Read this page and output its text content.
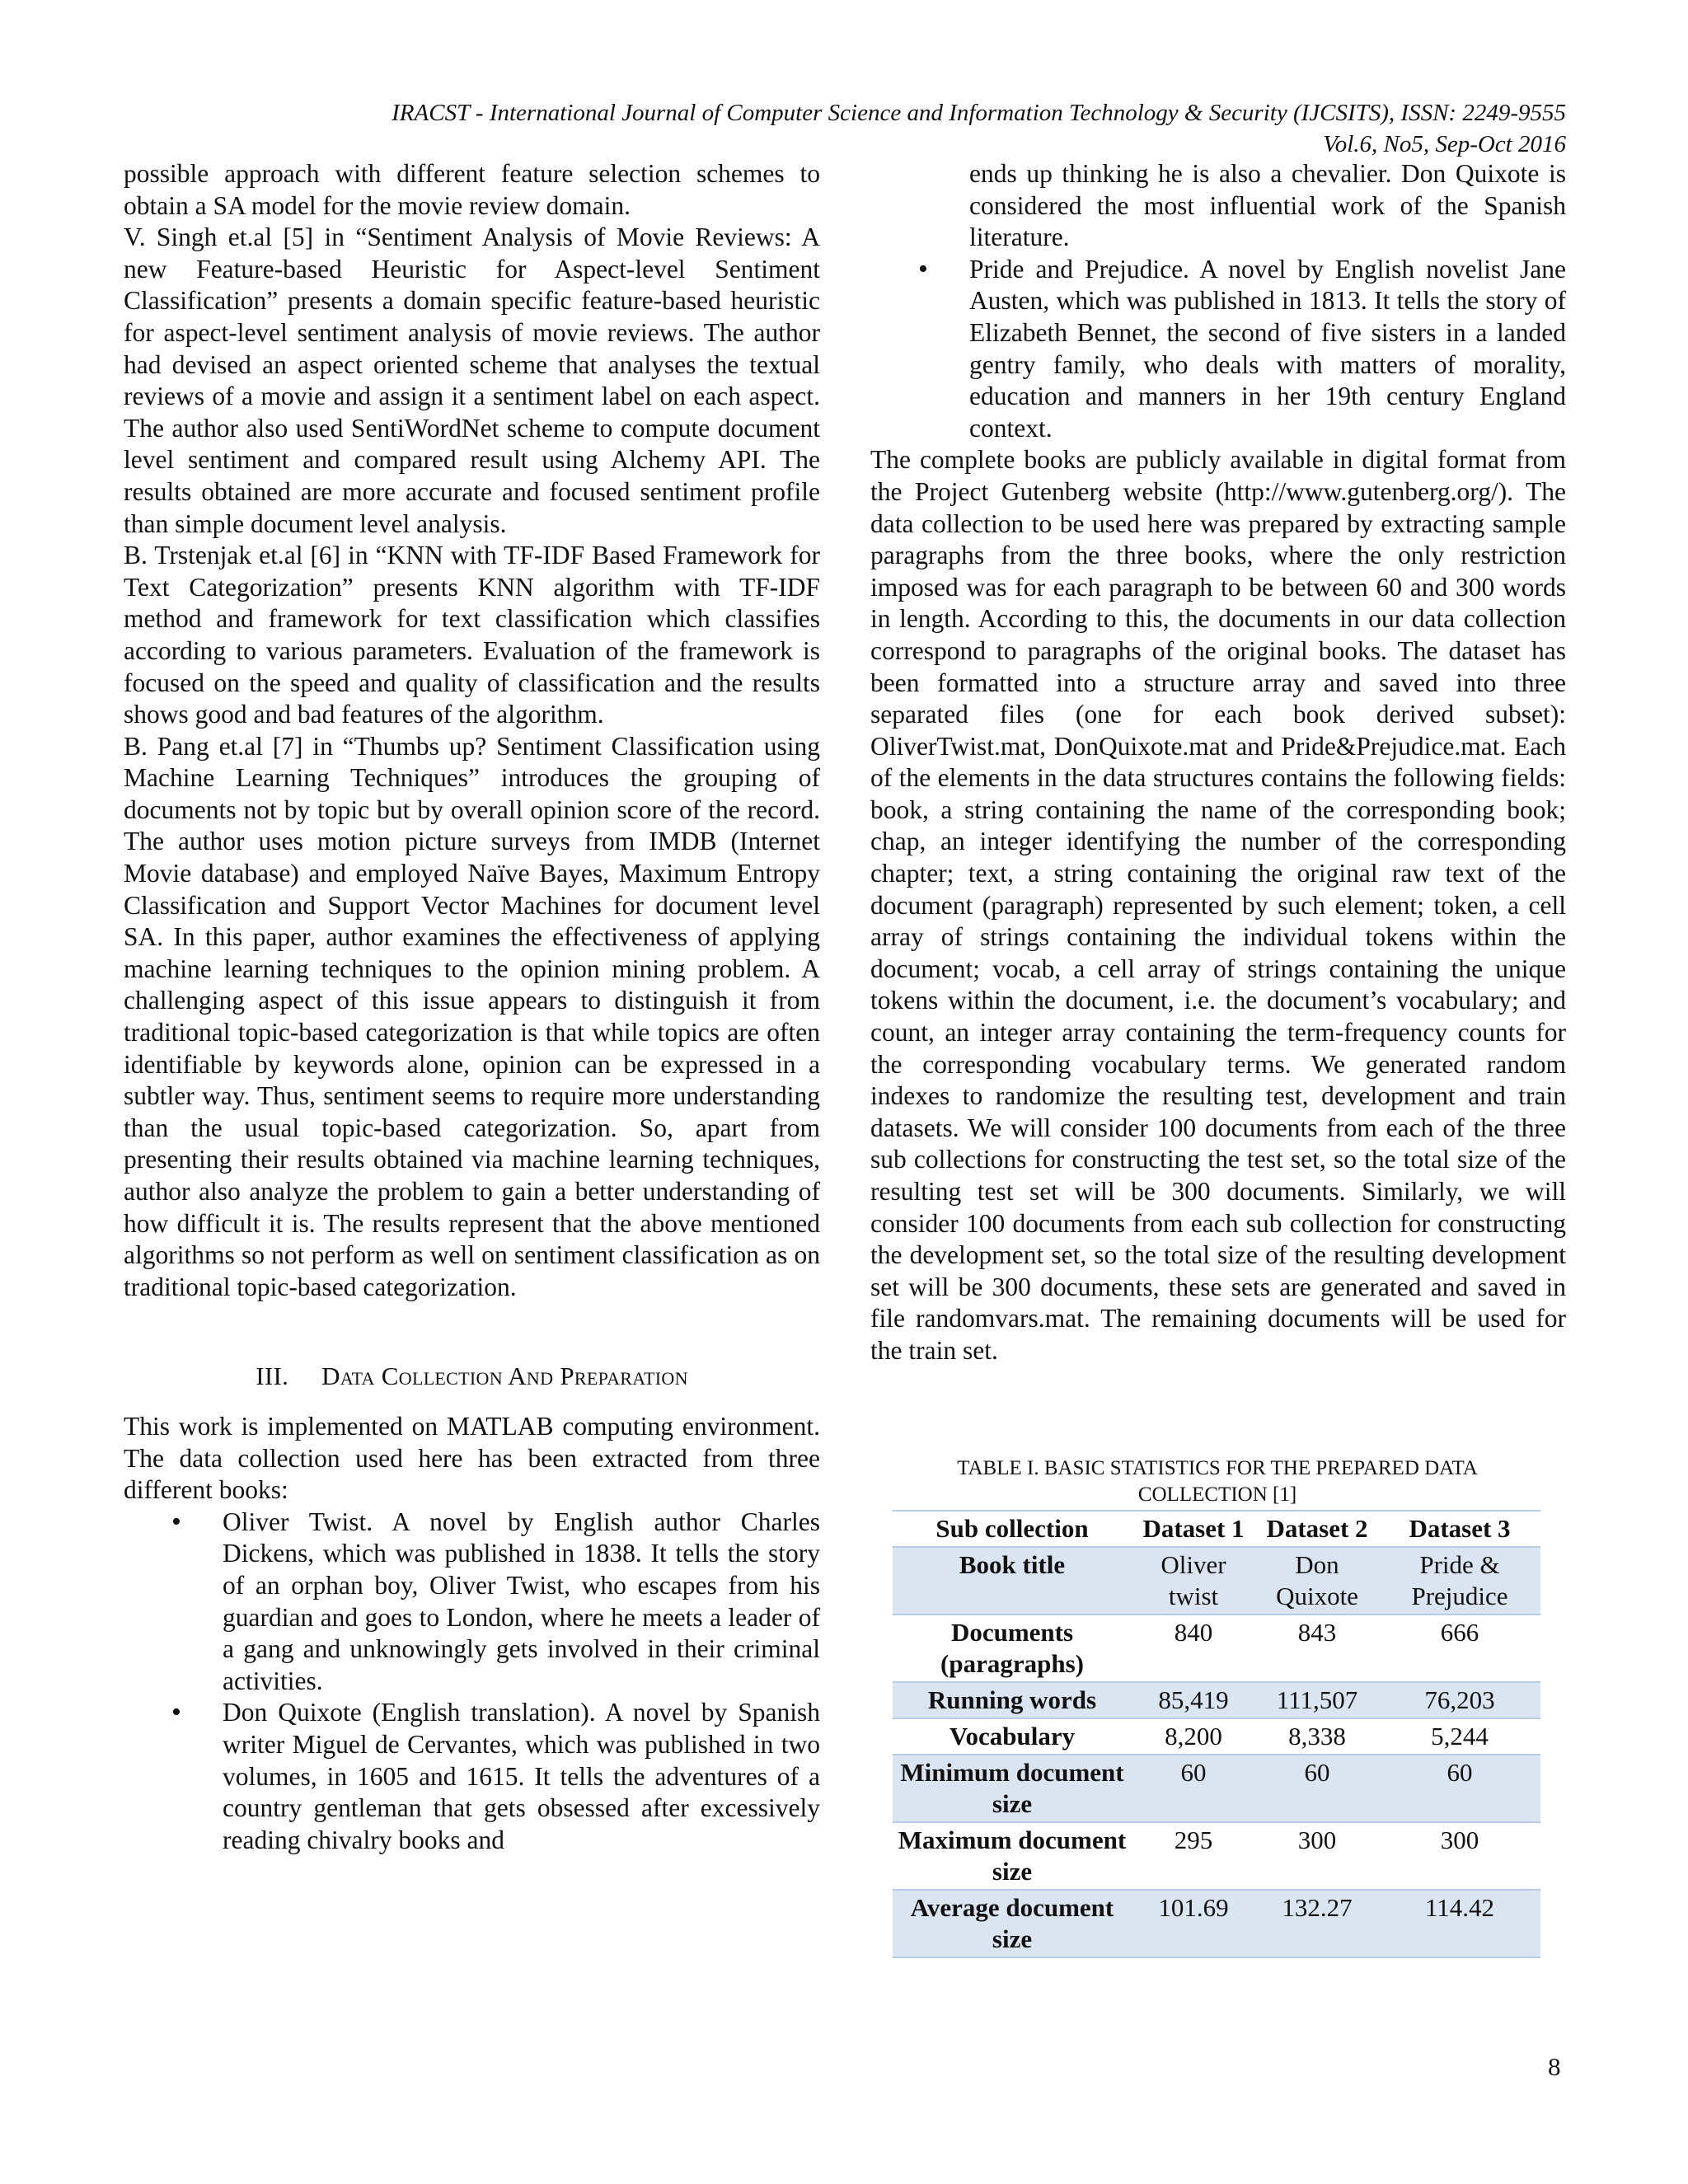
IRACST - International Journal of Computer Science and Information Technology & Security (IJCSITS), ISSN: 2249-9555
Vol.6, No5, Sep-Oct 2016

possible approach with different feature selection schemes to obtain a SA model for the movie review domain.

V. Singh et.al [5] in “Sentiment Analysis of Movie Reviews: A new Feature-based Heuristic for Aspect-level Sentiment Classification” presents a domain specific feature-based heuristic for aspect-level sentiment analysis of movie reviews. The author had devised an aspect oriented scheme that analyses the textual reviews of a movie and assign it a sentiment label on each aspect. The author also used SentiWordNet scheme to compute document level sentiment and compared result using Alchemy API. The results obtained are more accurate and focused sentiment profile than simple document level analysis.

B. Trstenjak et.al [6] in “KNN with TF-IDF Based Framework for Text Categorization” presents KNN algorithm with TF-IDF method and framework for text classification which classifies according to various parameters. Evaluation of the framework is focused on the speed and quality of classification and the results shows good and bad features of the algorithm.

B. Pang et.al [7] in “Thumbs up? Sentiment Classification using Machine Learning Techniques” introduces the grouping of documents not by topic but by overall opinion score of the record. The author uses motion picture surveys from IMDB (Internet Movie database) and employed Naïve Bayes, Maximum Entropy Classification and Support Vector Machines for document level SA. In this paper, author examines the effectiveness of applying machine learning techniques to the opinion mining problem. A challenging aspect of this issue appears to distinguish it from traditional topic-based categorization is that while topics are often identifiable by keywords alone, opinion can be expressed in a subtler way. Thus, sentiment seems to require more understanding than the usual topic-based categorization. So, apart from presenting their results obtained via machine learning techniques, author also analyze the problem to gain a better understanding of how difficult it is. The results represent that the above mentioned algorithms so not perform as well on sentiment classification as on traditional topic-based categorization.

III. Data Collection And Preparation

This work is implemented on MATLAB computing environment. The data collection used here has been extracted from three different books:

• Oliver Twist. A novel by English author Charles Dickens, which was published in 1838. It tells the story of an orphan boy, Oliver Twist, who escapes from his guardian and goes to London, where he meets a leader of a gang and unknowingly gets involved in their criminal activities.
• Don Quixote (English translation). A novel by Spanish writer Miguel de Cervantes, which was published in two volumes, in 1605 and 1615. It tells the adventures of a country gentleman that gets obsessed after excessively reading chivalry books and

ends up thinking he is also a chevalier. Don Quixote is considered the most influential work of the Spanish literature.

• Pride and Prejudice. A novel by English novelist Jane Austen, which was published in 1813. It tells the story of Elizabeth Bennet, the second of five sisters in a landed gentry family, who deals with matters of morality, education and manners in her 19th century England context.

The complete books are publicly available in digital format from the Project Gutenberg website (http://www.gutenberg.org/). The data collection to be used here was prepared by extracting sample paragraphs from the three books, where the only restriction imposed was for each paragraph to be between 60 and 300 words in length. According to this, the documents in our data collection correspond to paragraphs of the original books. The dataset has been formatted into a structure array and saved into three separated files (one for each book derived subset): OliverTwist.mat, DonQuixote.mat and Pride&Prejudice.mat. Each of the elements in the data structures contains the following fields: book, a string containing the name of the corresponding book; chap, an integer identifying the number of the corresponding chapter; text, a string containing the original raw text of the document (paragraph) represented by such element; token, a cell array of strings containing the individual tokens within the document; vocab, a cell array of strings containing the unique tokens within the document, i.e. the document’s vocabulary; and count, an integer array containing the term-frequency counts for the corresponding vocabulary terms. We generated random indexes to randomize the resulting test, development and train datasets. We will consider 100 documents from each of the three sub collections for constructing the test set, so the total size of the resulting test set will be 300 documents. Similarly, we will consider 100 documents from each sub collection for constructing the development set, so the total size of the resulting development set will be 300 documents, these sets are generated and saved in file randomvars.mat. The remaining documents will be used for the train set.

TABLE I. BASIC STATISTICS FOR THE PREPARED DATA COLLECTION [1]
Sub collection	Dataset 1	Dataset 2	Dataset 3
Book title	Oliver twist	Don Quixote	Pride & Prejudice
Documents (paragraphs)	840	843	666
Running words	85,419	111,507	76,203
Vocabulary	8,200	8,338	5,244
Minimum document size	60	60	60
Maximum document size	295	300	300
Average document size	101.69	132.27	114.42
8
